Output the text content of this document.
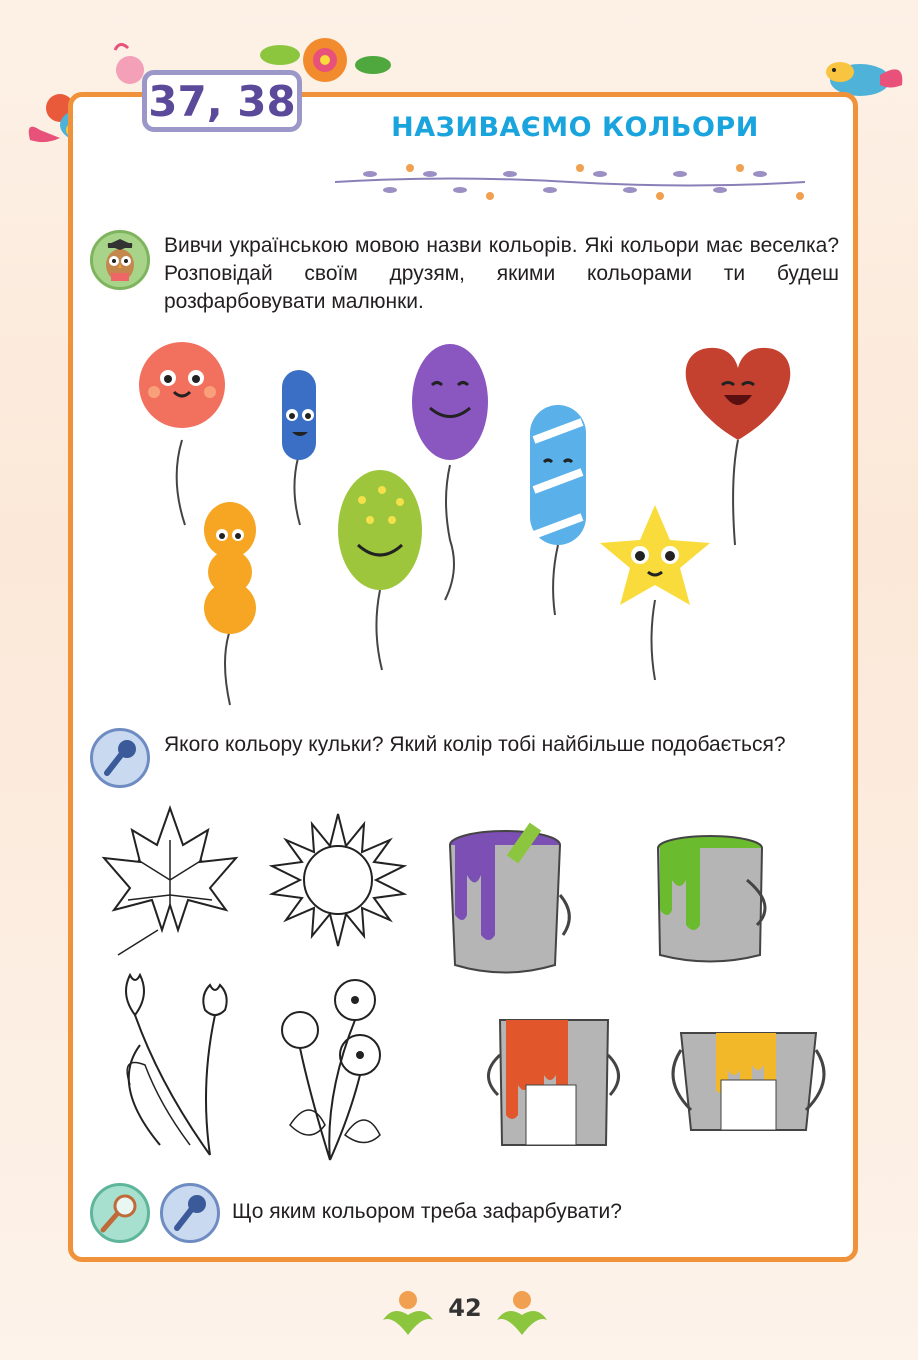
37, 38
НАЗИВАЄМО КОЛЬОРИ
Вивчи українською мовою назви кольорів. Які кольори має веселка? Розповідай своїм друзям, якими кольорами ти будеш розфарбовувати малюнки.
Якого кольору кульки? Який колір тобі найбільше подобається?
Що яким кольором треба зафарбувати?
42
